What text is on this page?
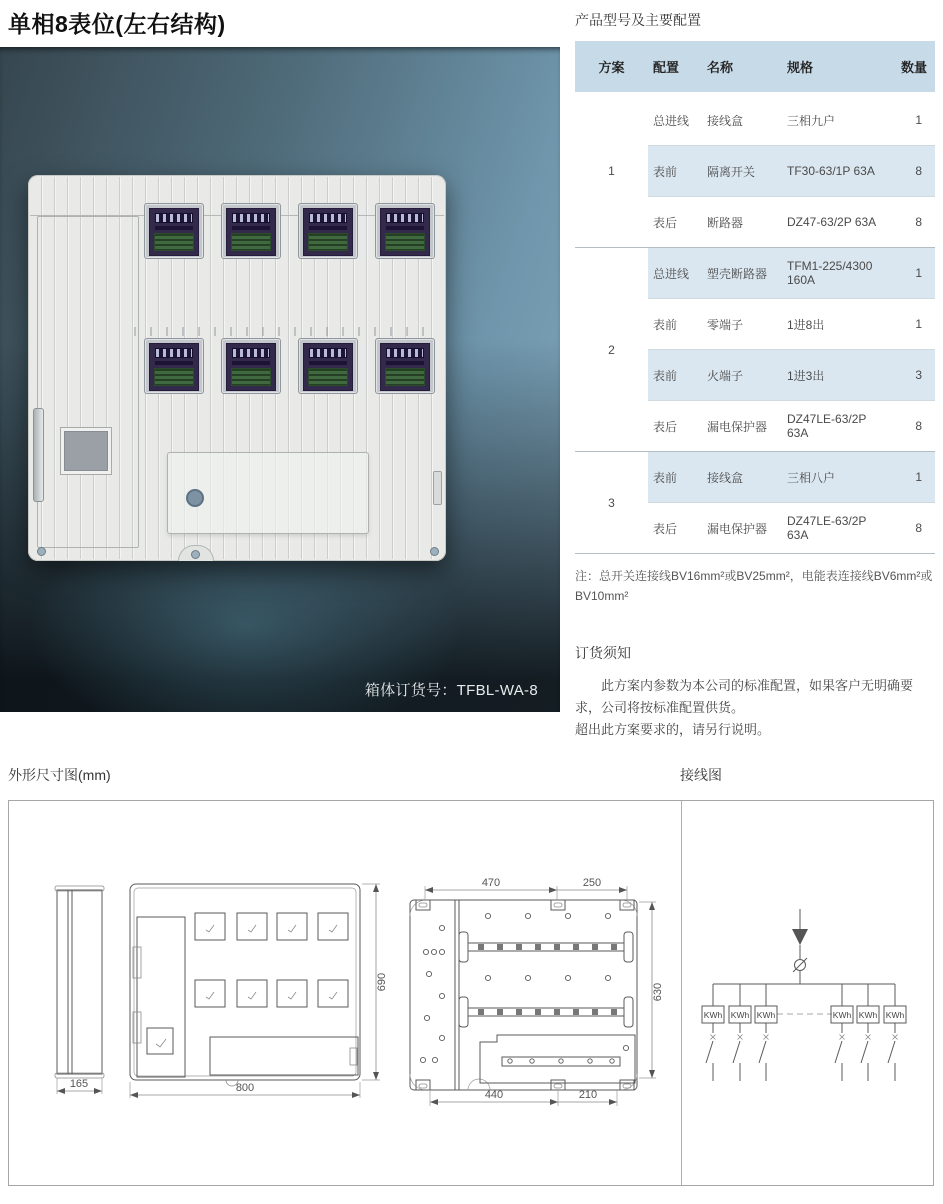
单相8表位(左右结构)
箱体订货号：TFBL-WA-8
产品型号及主要配置
方案	配置	名称	规格	数量
1	总进线	接线盒	三相九户	1
	表前	隔离开关	TF30-63/1P 63A	8
	表后	断路器	DZ47-63/2P 63A	8
2	总进线	塑壳断路器	TFM1-225/4300 160A	1
	表前	零端子	1进8出	1
	表前	火端子	1进3出	3
	表后	漏电保护器	DZ47LE-63/2P 63A	8
3	表前	接线盒	三相八户	1
	表后	漏电保护器	DZ47LE-63/2P 63A	8

注：总开关连接线BV16mm²或BV25mm²，电能表连接线BV6mm²或BV10mm²

订货须知

此方案内参数为本公司的标准配置，如果客户无明确要求，公司将按标准配置供货。

超出此方案要求的，请另行说明。

外形尺寸图(mm)	接线图
165	800
690
470	250
630
440	210
KWh KWh KWh	KWh KWh KWh
